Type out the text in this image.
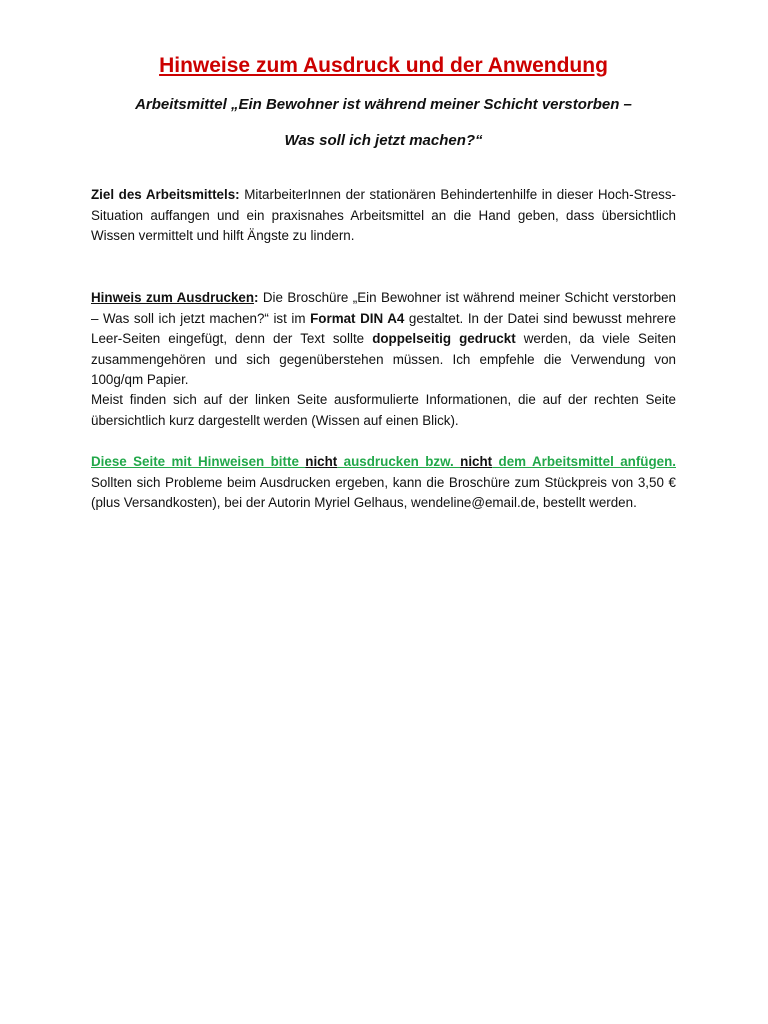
Hinweise zum Ausdruck und der Anwendung

Arbeitsmittel „Ein Bewohner ist während meiner Schicht verstorben –

Was soll ich jetzt machen?“

Ziel des Arbeitsmittels: MitarbeiterInnen der stationären Behindertenhilfe in dieser Hoch-Stress-Situation auffangen und ein praxisnahes Arbeitsmittel an die Hand geben, dass übersichtlich Wissen vermittelt und hilft Ängste zu lindern.

Hinweis zum Ausdrucken: Die Broschüre „Ein Bewohner ist während meiner Schicht verstorben – Was soll ich jetzt machen?“ ist im Format DIN A4 gestaltet. In der Datei sind bewusst mehrere Leer-Seiten eingefügt, denn der Text sollte doppelseitig gedruckt werden, da viele Seiten zusammengehören und sich gegenüberstehen müssen. Ich empfehle die Verwendung von 100g/qm Papier.

Meist finden sich auf der linken Seite ausformulierte Informationen, die auf der rechten Seite übersichtlich kurz dargestellt werden (Wissen auf einen Blick).

Diese Seite mit Hinweisen bitte nicht ausdrucken bzw. nicht dem Arbeitsmittel anfügen. Sollten sich Probleme beim Ausdrucken ergeben, kann die Broschüre zum Stückpreis von 3,50 € (plus Versandkosten), bei der Autorin Myriel Gelhaus, wendeline@email.de, bestellt werden.
